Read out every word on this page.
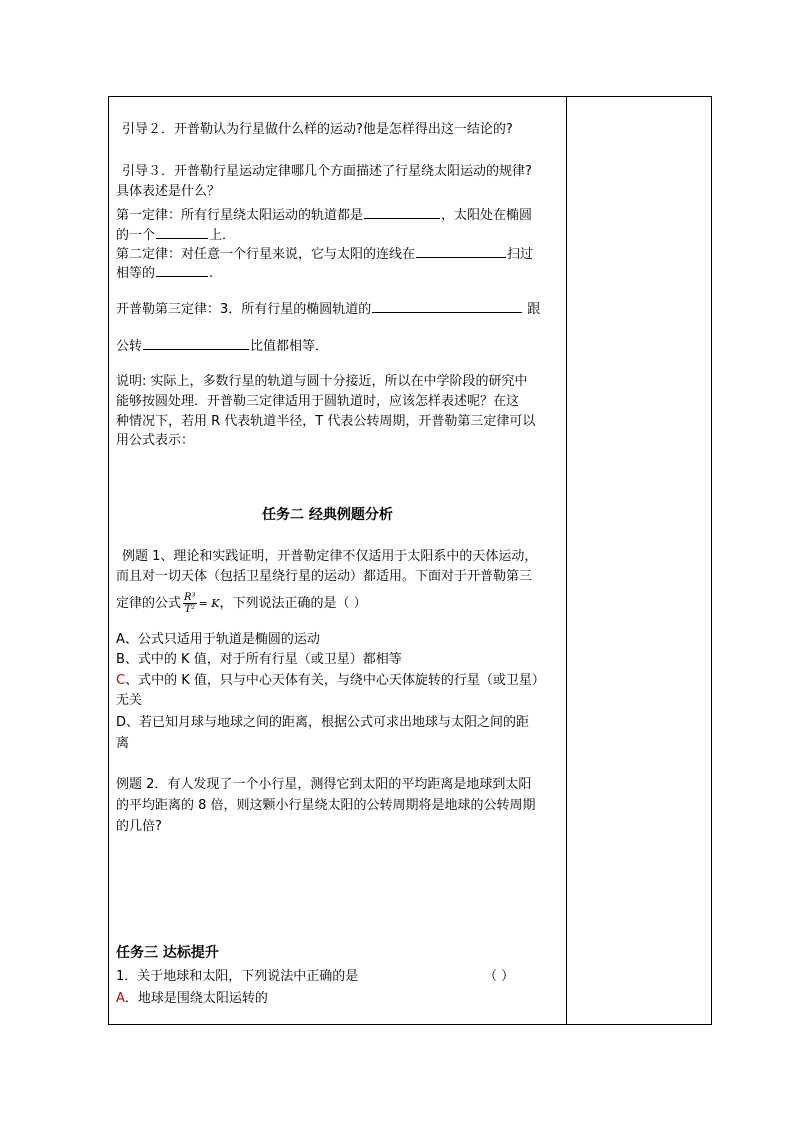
引导２．开普勒认为行星做什么样的运动?他是怎样得出这一结论的?
引导３．开普勒行星运动定律哪几个方面描述了行星绕太阳运动的规律?
具体表述是什么？
第一定律：所有行星绕太阳运动的轨道都是	，太阳处在椭圆
的一个	上．
第二定律：对任意一个行星来说，它与太阳的连线在	扫过
相等的	.
开普勒第三定律：3．所有行星的椭圆轨道的	跟
公转	比值都相等．
说明: 实际上，多数行星的轨道与圆十分接近，所以在中学阶段的研究中
能够按圆处理．开普勒三定律适用于圆轨道时，应该怎样表述呢？在这
种情况下，若用 R 代表轨道半径，T 代表公转周期，开普勒第三定律可以
用公式表示：
任务二 经典例题分析
例题 1、理论和实践证明，开普勒定律不仅适用于太阳系中的天体运动，
而且对一切天体（包括卫星绕行星的运动）都适用。下面对于开普勒第三
定律的公式 $\frac{\text{R³}}{\text{T²}} = K$，下列说法正确的是（ ）
A、公式只适用于轨道是椭圆的运动
B、式中的 K 值，对于所有行星（或卫星）都相等
C、式中的 K 值，只与中心天体有关，与绕中心天体旋转的行星（或卫星）
无关
D、若已知月球与地球之间的距离，根据公式可求出地球与太阳之间的距
离
例题 2．有人发现了一个小行星，测得它到太阳的平均距离是地球到太阳
的平均距离的 8 倍，则这颗小行星绕太阳的公转周期将是地球的公转周期
的几倍?
任务三 达标提升
1．关于地球和太阳，下列说法中正确的是	（ ）
A．地球是围绕太阳运转的
